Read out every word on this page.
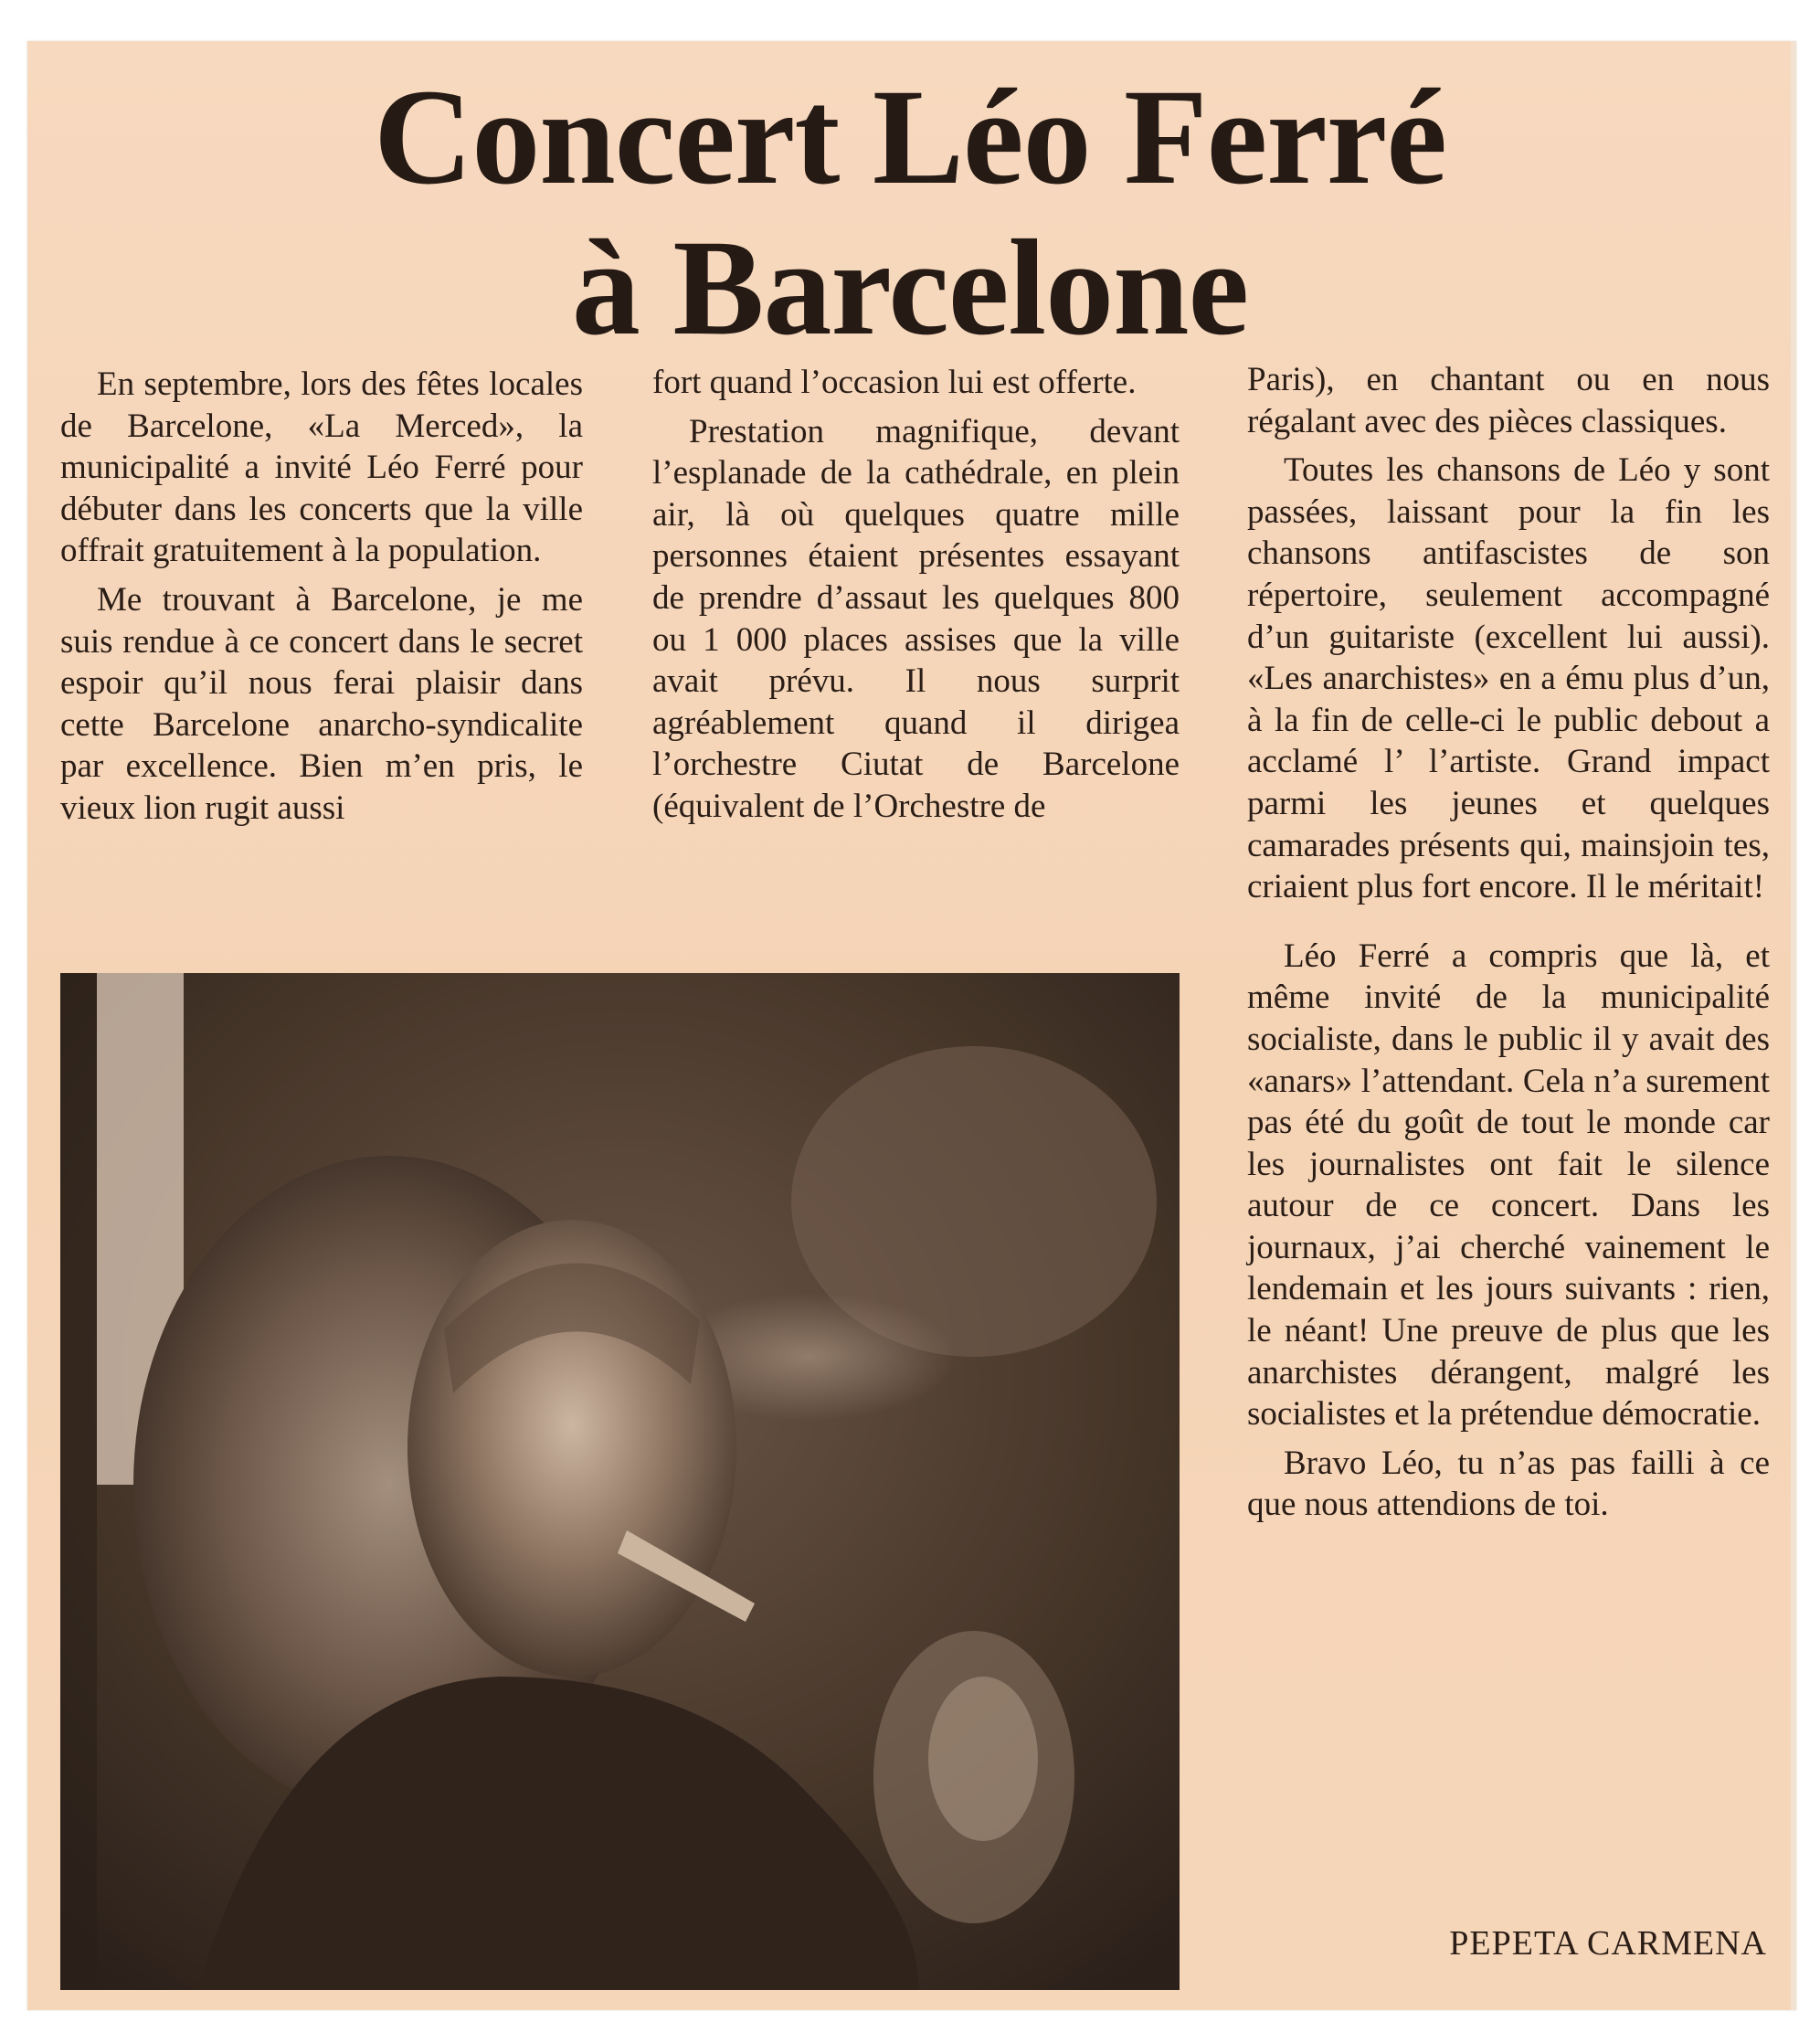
Concert Léo Ferré
à Barcelone

En septembre, lors des fêtes locales de Barcelone, «La Merced», la municipalité a invité Léo Ferré pour débuter dans les concerts que la ville offrait gratuitement à la population.

Me trouvant à Barcelone, je me suis rendue à ce concert dans le secret espoir qu’il nous ferai plaisir dans cette Barcelone anarcho-syndicalite par excellence. Bien m’en pris, le vieux lion rugit aussi

fort quand l’occasion lui est offerte.

Prestation magnifique, devant l’esplanade de la cathédrale, en plein air, là où quelques quatre mille personnes étaient présentes essayant de prendre d’assaut les quelques 800 ou 1 000 places assises que la ville avait prévu. Il nous surprit agréablement quand il dirigea l’orchestre Ciutat de Barcelone (équivalent de l’Orchestre de

Paris), en chantant ou en nous régalant avec des pièces classiques.

Toutes les chansons de Léo y sont passées, laissant pour la fin les chansons antifascistes de son répertoire, seulement accompagné d’un guitariste (excellent lui aussi). «Les anarchistes» en a ému plus d’un, à la fin de celle-ci le public debout a acclamé l’ l’artiste. Grand impact parmi les jeunes et quelques camarades présents qui, mainsjoin tes, criaient plus fort encore. Il le méritait!

Léo Ferré a compris que là, et même invité de la municipalité socialiste, dans le public il y avait des «anars» l’attendant. Cela n’a surement pas été du goût de tout le monde car les journalistes ont fait le silence autour de ce concert. Dans les journaux, j’ai cherché vainement le lendemain et les jours suivants : rien, le néant! Une preuve de plus que les anarchistes dérangent, malgré les socialistes et la prétendue démocratie.

Bravo Léo, tu n’as pas failli à ce que nous attendions de toi.

PEPETA CARMENA
